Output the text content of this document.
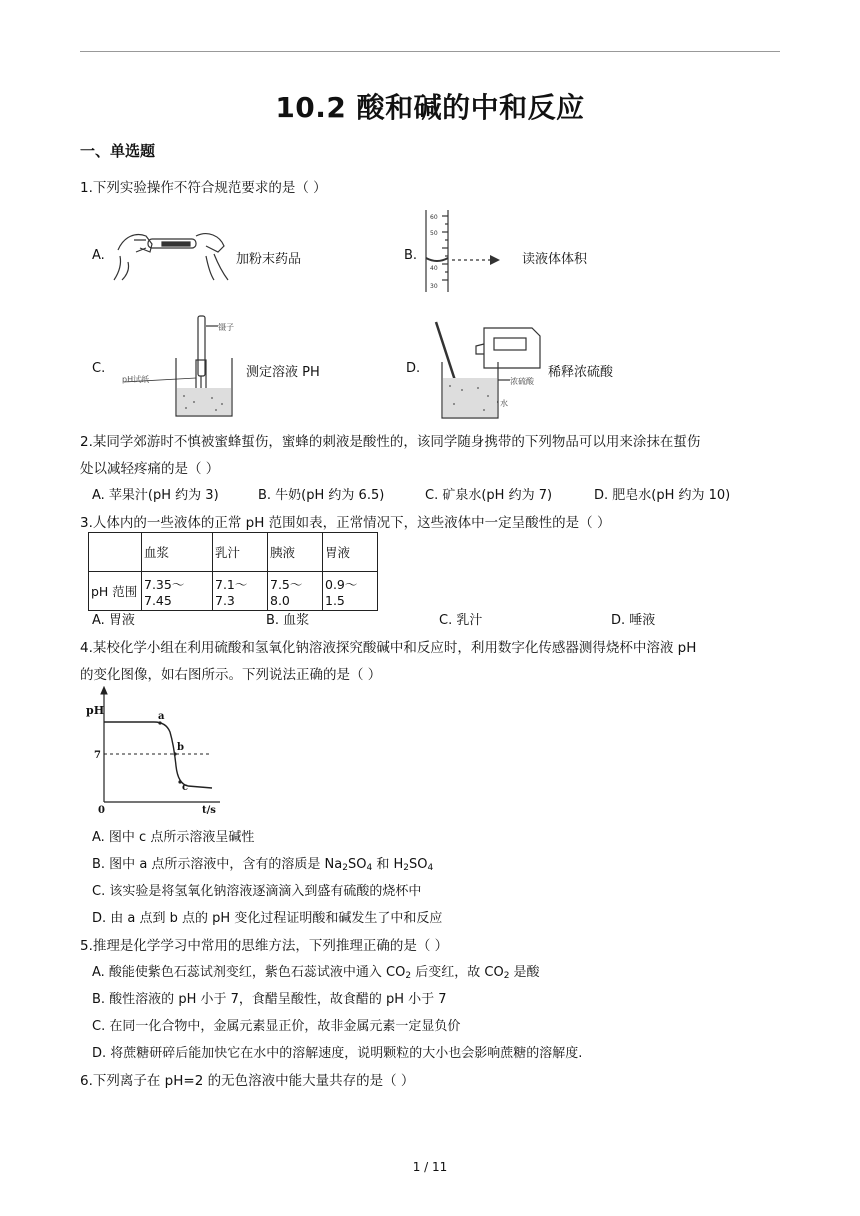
10.2 酸和碱的中和反应
一、单选题
1.下列实验操作不符合规范要求的是（ ）
A.	加粉末药品	B.
60
50
40
30
读液体体积
C.
镊子
pH试纸	测定溶液 PH	D.
浓硫酸
水
稀释浓硫酸
2.某同学郊游时不慎被蜜蜂蜇伤，蜜蜂的刺液是酸性的，该同学随身携带的下列物品可以用来涂抹在蜇伤
处以减轻疼痛的是（ ）
A. 苹果汁(pH 约为 3)	B. 牛奶(pH 约为 6.5)	C. 矿泉水(pH 约为 7)	D. 肥皂水(pH 约为 10)
3.人体内的一些液体的正常 pH 范围如表，正常情况下，这些液体中一定呈酸性的是（ ）
	血浆	乳汁	胰液	胃液
pH 范围	7.35～7.45	7.1～7.3	7.5～8.0	0.9～1.5
A. 胃液	B. 血浆	C. 乳汁	D. 唾液
4.某校化学小组在利用硫酸和氢氧化钠溶液探究酸碱中和反应时，利用数字化传感器测得烧杯中溶液 pH
的变化图像，如右图所示。下列说法正确的是（ ）
pH
7
0	t/s
a
b
c
A. 图中 c 点所示溶液呈碱性
B. 图中 a 点所示溶液中，含有的溶质是 $Na_2SO_4$ 和 $H_2SO_4$
C. 该实验是将氢氧化钠溶液逐滴滴入到盛有硫酸的烧杯中
D. 由 a 点到 b 点的 pH 变化过程证明酸和碱发生了中和反应
5.推理是化学学习中常用的思维方法，下列推理正确的是（ ）
A. 酸能使紫色石蕊试剂变红，紫色石蕊试液中通入 $CO_2$ 后变红，故 $CO_2$ 是酸
B. 酸性溶液的 pH 小于 7，食醋呈酸性，故食醋的 pH 小于 7
C. 在同一化合物中，金属元素显正价，故非金属元素一定显负价
D. 将蔗糖研碎后能加快它在水中的溶解速度，说明颗粒的大小也会影响蔗糖的溶解度.
6.下列离子在 pH=2 的无色溶液中能大量共存的是（ ）
1 / 11
